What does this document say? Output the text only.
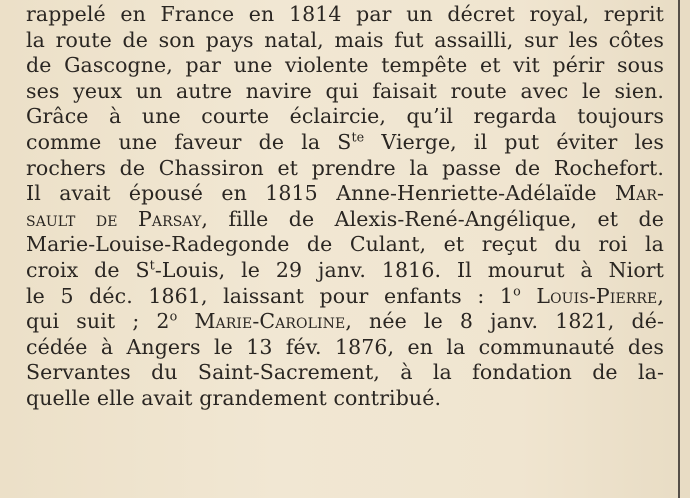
rappelé en France en 1814 par un décret royal, reprit
la route de son pays natal, mais fut assailli, sur les côtes
de Gascogne, par une violente tempête et vit périr sous
ses yeux un autre navire qui faisait route avec le sien.
Grâce à une courte éclaircie, qu’il regarda toujours
comme une faveur de la $S^{te}$ Vierge, il put éviter les
rochers de Chassiron et prendre la passe de Rochefort.
Il avait épousé en 1815 Anne-Henriette-Adélaïde Mar-
sault de Parsay, fille de Alexis-René-Angélique, et de
Marie-Louise-Radegonde de Culant, et reçut du roi la
croix de $S^t$-Louis, le 29 janv. 1816. Il mourut à Niort
le 5 déc. 1861, laissant pour enfants : 1$^o$ Louis-Pierre,
qui suit ; 2$^o$ Marie-Caroline, née le 8 janv. 1821, dé-
cédée à Angers le 13 fév. 1876, en la communauté des
Servantes du Saint-Sacrement, à la fondation de la-
quelle elle avait grandement contribué.
